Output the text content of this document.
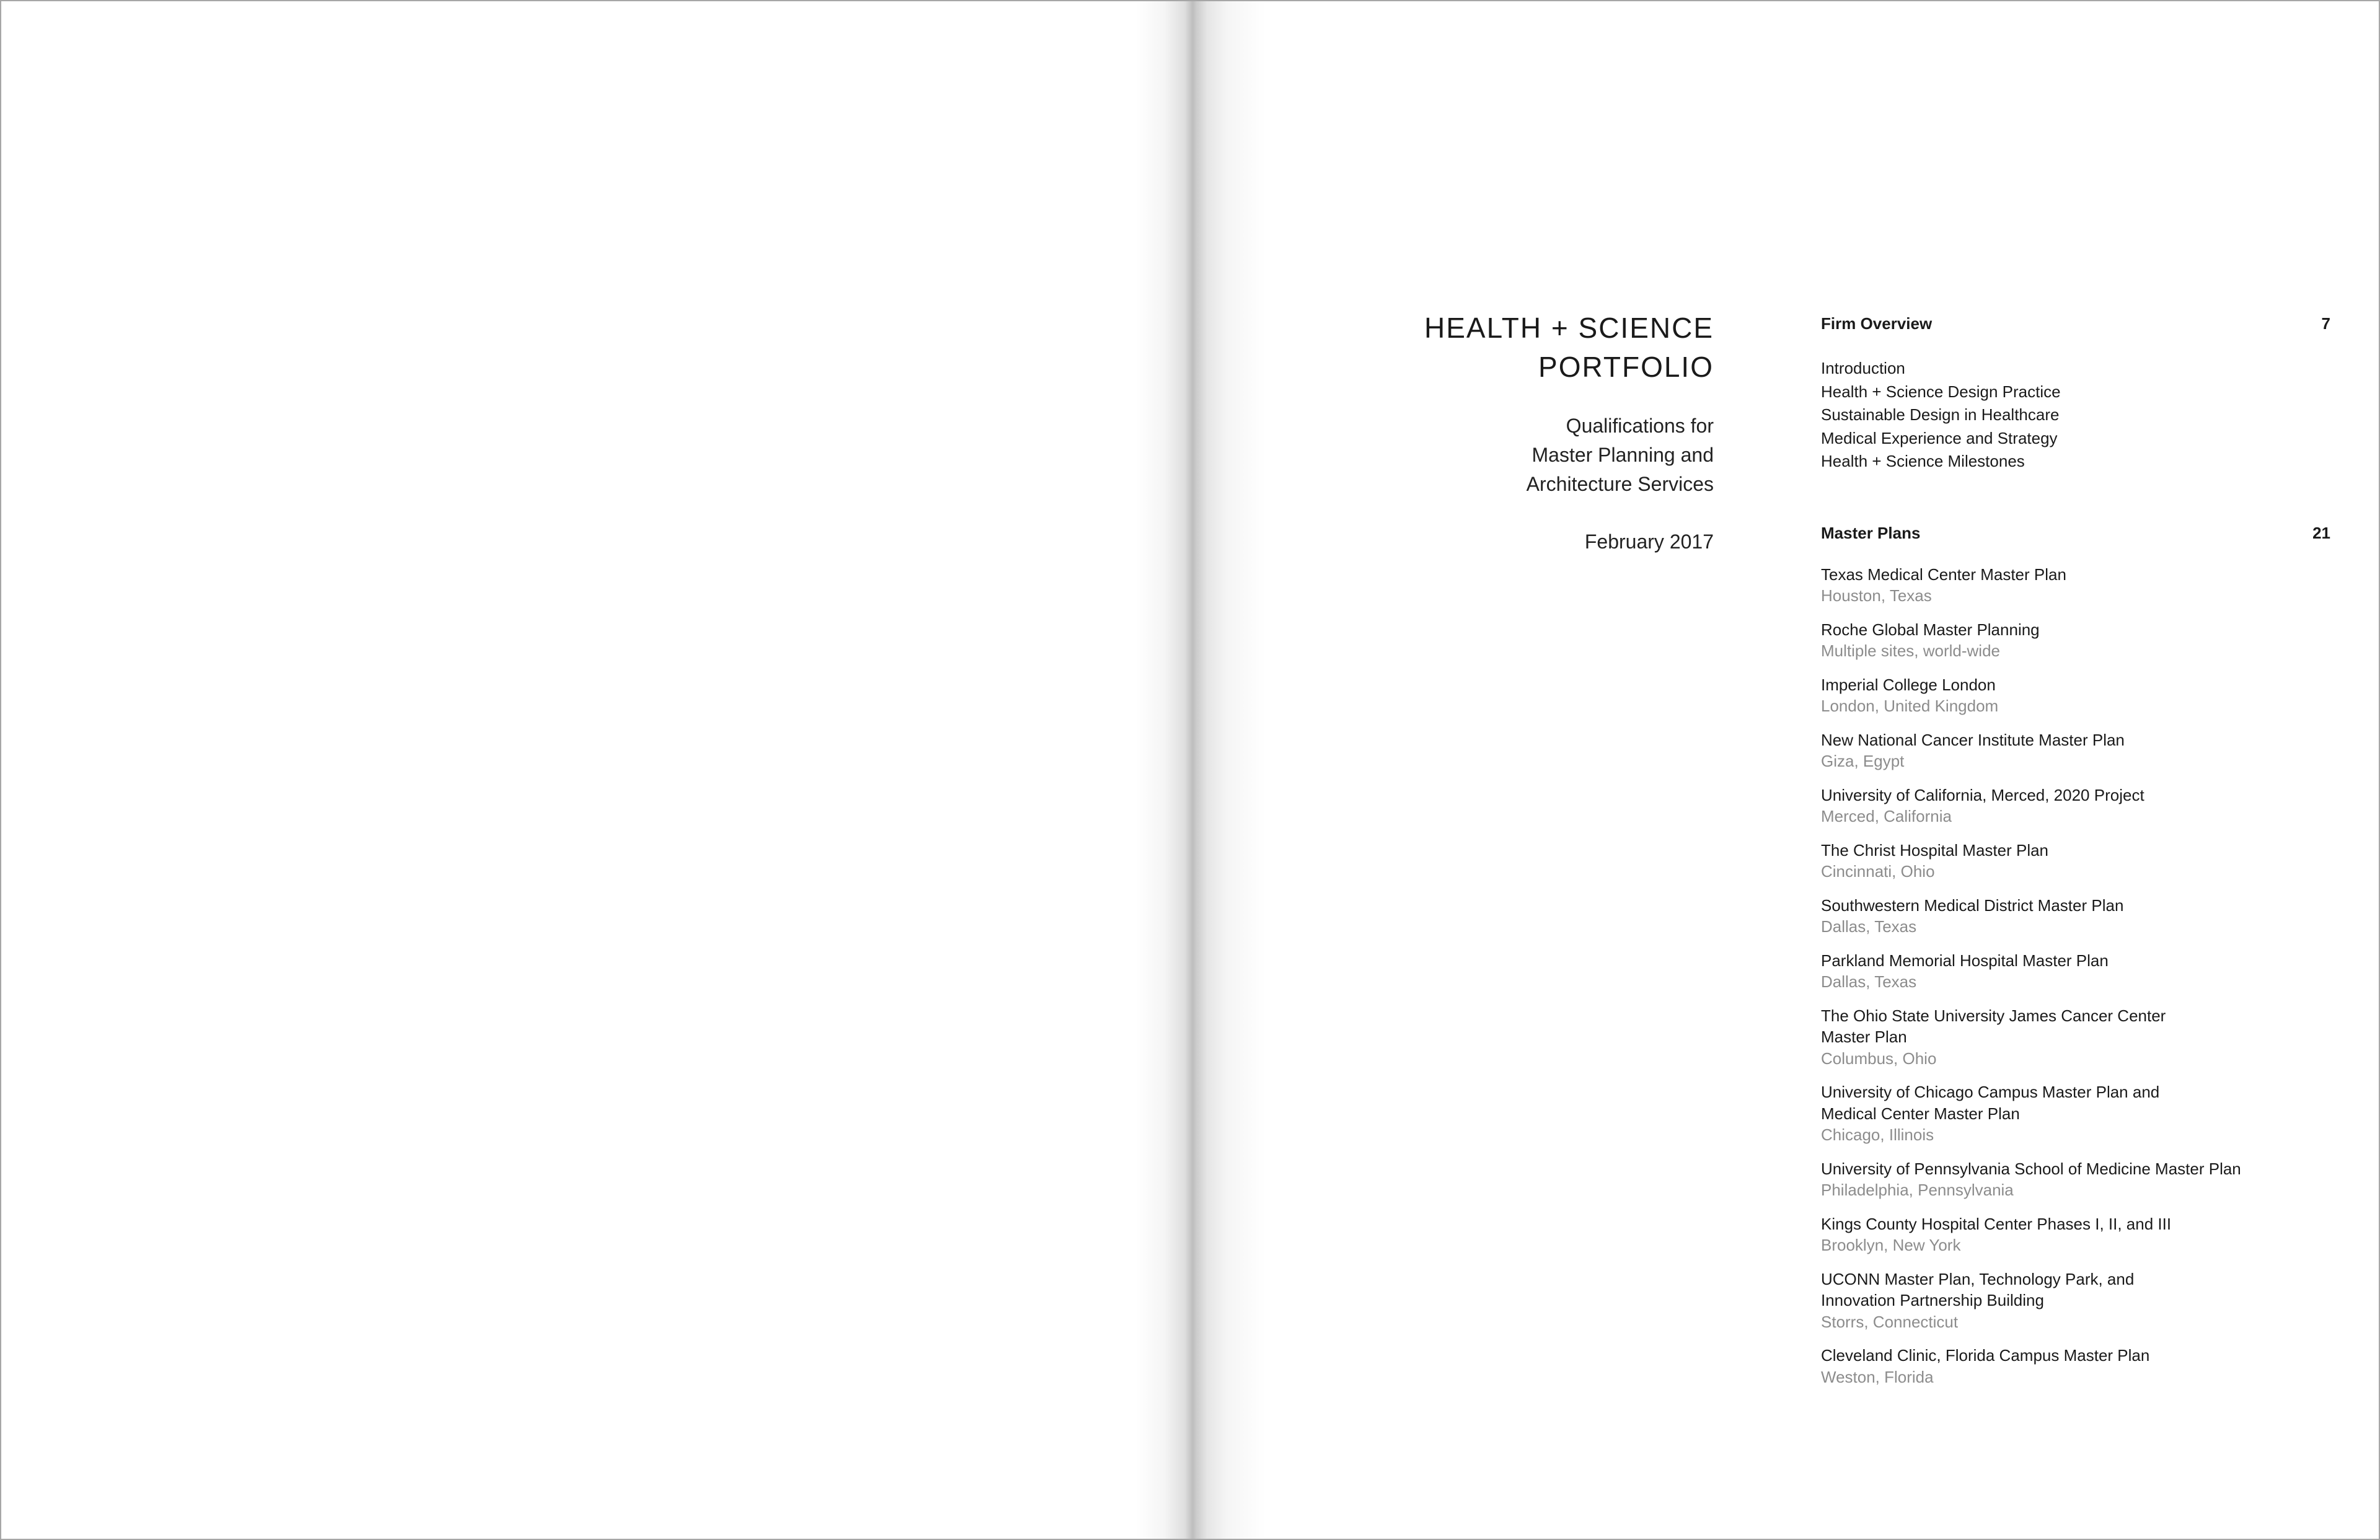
HEALTH + SCIENCE
PORTFOLIO
Qualifications for
Master Planning and
Architecture Services
February 2017
Firm Overview	7
Introduction
Health + Science Design Practice
Sustainable Design in Healthcare
Medical Experience and Strategy
Health + Science Milestones
Master Plans	21
Texas Medical Center Master Plan
Houston, Texas
Roche Global Master Planning
Multiple sites, world-wide
Imperial College London
London, United Kingdom
New National Cancer Institute Master Plan
Giza, Egypt
University of California, Merced, 2020 Project
Merced, California
The Christ Hospital Master Plan
Cincinnati, Ohio
Southwestern Medical District Master Plan
Dallas, Texas
Parkland Memorial Hospital Master Plan
Dallas, Texas
The Ohio State University James Cancer Center
Master Plan
Columbus, Ohio
University of Chicago Campus Master Plan and
Medical Center Master Plan
Chicago, Illinois
University of Pennsylvania School of Medicine Master Plan
Philadelphia, Pennsylvania
Kings County Hospital Center Phases I, II, and III
Brooklyn, New York
UCONN Master Plan, Technology Park, and
Innovation Partnership Building
Storrs, Connecticut
Cleveland Clinic, Florida Campus Master Plan
Weston, Florida
